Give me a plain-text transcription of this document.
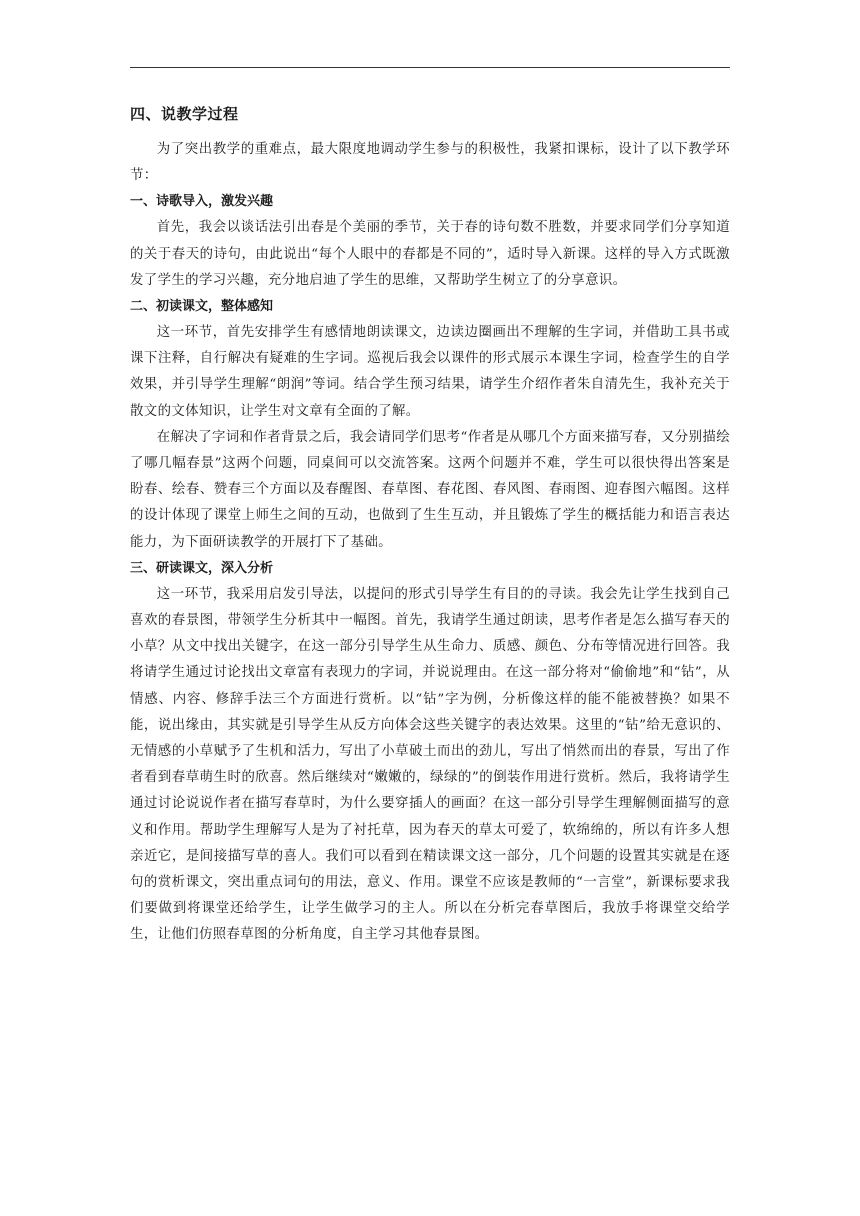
四、说教学过程

为了突出教学的重难点，最大限度地调动学生参与的积极性，我紧扣课标，设计了以下教学环节：

一、诗歌导入，激发兴趣

首先，我会以谈话法引出春是个美丽的季节，关于春的诗句数不胜数，并要求同学们分享知道的关于春天的诗句，由此说出“每个人眼中的春都是不同的”，适时导入新课。这样的导入方式既激发了学生的学习兴趣，充分地启迪了学生的思维，又帮助学生树立了的分享意识。

二、初读课文，整体感知

这一环节，首先安排学生有感情地朗读课文，边读边圈画出不理解的生字词，并借助工具书或课下注释，自行解决有疑难的生字词。巡视后我会以课件的形式展示本课生字词，检查学生的自学效果，并引导学生理解“朗润”等词。结合学生预习结果，请学生介绍作者朱自清先生，我补充关于散文的文体知识，让学生对文章有全面的了解。

在解决了字词和作者背景之后，我会请同学们思考“作者是从哪几个方面来描写春，又分别描绘了哪几幅春景”这两个问题，同桌间可以交流答案。这两个问题并不难，学生可以很快得出答案是盼春、绘春、赞春三个方面以及春醒图、春草图、春花图、春风图、春雨图、迎春图六幅图。这样的设计体现了课堂上师生之间的互动，也做到了生生互动，并且锻炼了学生的概括能力和语言表达能力，为下面研读教学的开展打下了基础。

三、研读课文，深入分析

这一环节，我采用启发引导法，以提问的形式引导学生有目的的寻读。我会先让学生找到自己喜欢的春景图，带领学生分析其中一幅图。首先，我请学生通过朗读，思考作者是怎么描写春天的小草？从文中找出关键字，在这一部分引导学生从生命力、质感、颜色、分布等情况进行回答。我将请学生通过讨论找出文章富有表现力的字词，并说说理由。在这一部分将对“偷偷地”和“钻”，从情感、内容、修辞手法三个方面进行赏析。以“钻”字为例，分析像这样的能不能被替换？如果不能，说出缘由，其实就是引导学生从反方向体会这些关键字的表达效果。这里的“钻”给无意识的、无情感的小草赋予了生机和活力，写出了小草破土而出的劲儿，写出了悄然而出的春景，写出了作者看到春草萌生时的欣喜。然后继续对“嫩嫩的，绿绿的”的倒装作用进行赏析。然后，我将请学生通过讨论说说作者在描写春草时，为什么要穿插人的画面？在这一部分引导学生理解侧面描写的意义和作用。帮助学生理解写人是为了衬托草，因为春天的草太可爱了，软绵绵的，所以有许多人想亲近它，是间接描写草的喜人。我们可以看到在精读课文这一部分，几个问题的设置其实就是在逐句的赏析课文，突出重点词句的用法，意义、作用。课堂不应该是教师的“一言堂”，新课标要求我们要做到将课堂还给学生，让学生做学习的主人。所以在分析完春草图后，我放手将课堂交给学生，让他们仿照春草图的分析角度，自主学习其他春景图。
